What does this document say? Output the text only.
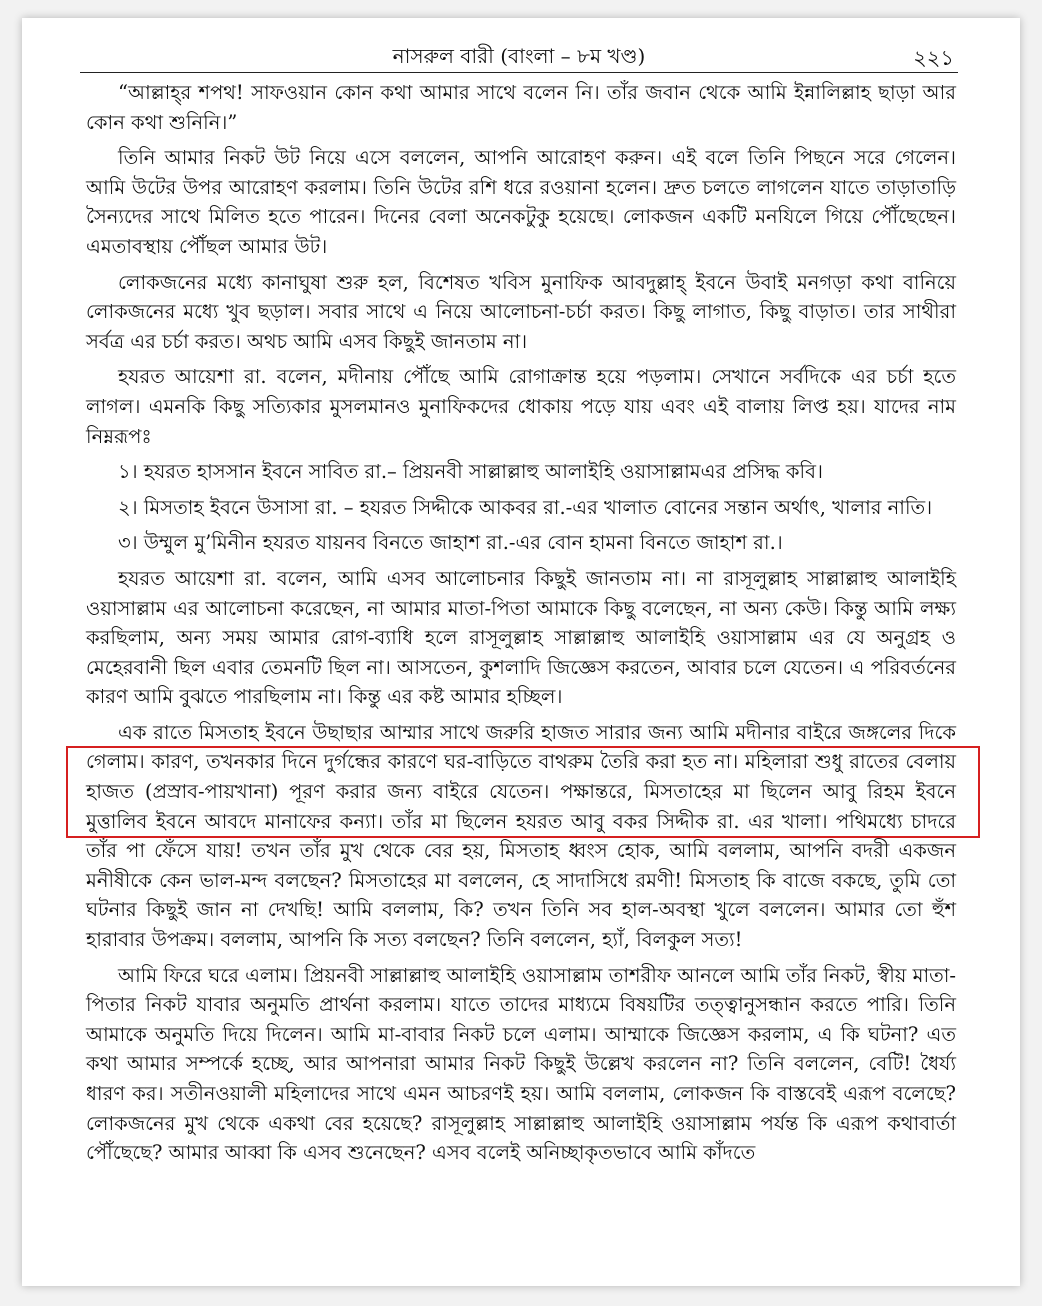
নাসরুল বারী (বাংলা – ৮ম খণ্ড)	২২১

“আল্লাহ্‌র শপথ! সাফওয়ান কোন কথা আমার সাথে বলেন নি। তাঁর জবান থেকে আমি ইন্নালিল্লাহ ছাড়া আর কোন কথা শুনিনি।”

তিনি আমার নিকট উট নিয়ে এসে বললেন, আপনি আরোহণ করুন। এই বলে তিনি পিছনে সরে গেলেন। আমি উটের উপর আরোহণ করলাম। তিনি উটের রশি ধরে রওয়ানা হলেন। দ্রুত চলতে লাগলেন যাতে তাড়াতাড়ি সৈন্যদের সাথে মিলিত হতে পারেন। দিনের বেলা অনেকটুকু হয়েছে। লোকজন একটি মনযিলে গিয়ে পৌঁছেছেন। এমতাবস্থায় পৌঁছল আমার উট।

লোকজনের মধ্যে কানাঘুষা শুরু হল, বিশেষত খবিস মুনাফিক আবদুল্লাহ্ ইবনে উবাই মনগড়া কথা বানিয়ে লোকজনের মধ্যে খুব ছড়াল। সবার সাথে এ নিয়ে আলোচনা-চর্চা করত। কিছু লাগাত, কিছু বাড়াত। তার সাথীরা সর্বত্র এর চর্চা করত। অথচ আমি এসব কিছুই জানতাম না।

হযরত আয়েশা রা. বলেন, মদীনায় পৌঁছে আমি রোগাক্রান্ত হয়ে পড়লাম। সেখানে সর্বদিকে এর চর্চা হতে লাগল। এমনকি কিছু সত্যিকার মুসলমানও মুনাফিকদের ধোকায় পড়ে যায় এবং এই বালায় লিপ্ত হয়। যাদের নাম নিম্নরূপঃ

১। হযরত হাসসান ইবনে সাবিত রা.– প্রিয়নবী সাল্লাল্লাহু আলাইহি ওয়াসাল্লামএর প্রসিদ্ধ কবি।

২। মিসতাহ ইবনে উসাসা রা. – হযরত সিদ্দীকে আকবর রা.-এর খালাত বোনের সন্তান অর্থাৎ, খালার নাতি।

৩। উম্মুল মু’মিনীন হযরত যায়নব বিনতে জাহাশ রা.-এর বোন হামনা বিনতে জাহাশ রা.।

হযরত আয়েশা রা. বলেন, আমি এসব আলোচনার কিছুই জানতাম না। না রাসূলুল্লাহ সাল্লাল্লাহু আলাইহি ওয়াসাল্লাম এর আলোচনা করেছেন, না আমার মাতা-পিতা আমাকে কিছু বলেছেন, না অন্য কেউ। কিন্তু আমি লক্ষ্য করছিলাম, অন্য সময় আমার রোগ-ব্যাধি হলে রাসূলুল্লাহ সাল্লাল্লাহু আলাইহি ওয়াসাল্লাম এর যে অনুগ্রহ ও মেহেরবানী ছিল এবার তেমনটি ছিল না। আসতেন, কুশলাদি জিজ্ঞেস করতেন, আবার চলে যেতেন। এ পরিবর্তনের কারণ আমি বুঝতে পারছিলাম না। কিন্তু এর কষ্ট আমার হচ্ছিল।

এক রাতে মিসতাহ ইবনে উছাছার আম্মার সাথে জরুরি হাজত সারার জন্য আমি মদীনার বাইরে জঙ্গলের দিকে গেলাম। কারণ, তখনকার দিনে দুর্গন্ধের কারণে ঘর-বাড়িতে বাথরুম তৈরি করা হত না। মহিলারা শুধু রাতের বেলায় হাজত (প্রস্রাব-পায়খানা) পূরণ করার জন্য বাইরে যেতেন। পক্ষান্তরে, মিসতাহের মা ছিলেন আবু রিহম ইবনে মুত্তালিব ইবনে আবদে মানাফের কন্যা। তাঁর মা ছিলেন হযরত আবু বকর সিদ্দীক রা. এর খালা। পথিমধ্যে চাদরে তাঁর পা ফেঁসে যায়! তখন তাঁর মুখ থেকে বের হয়, মিসতাহ ধ্বংস হোক, আমি বললাম, আপনি বদরী একজন মনীষীকে কেন ভাল-মন্দ বলছেন? মিসতাহের মা বললেন, হে সাদাসিধে রমণী! মিসতাহ কি বাজে বকছে, তুমি তো ঘটনার কিছুই জান না দেখছি! আমি বললাম, কি? তখন তিনি সব হাল-অবস্থা খুলে বললেন। আমার তো হুঁশ হারাবার উপক্রম। বললাম, আপনি কি সত্য বলছেন? তিনি বললেন, হ্যাঁ, বিলকুল সত্য!

আমি ফিরে ঘরে এলাম। প্রিয়নবী সাল্লাল্লাহু আলাইহি ওয়াসাল্লাম তাশরীফ আনলে আমি তাঁর নিকট, স্বীয় মাতা-পিতার নিকট যাবার অনুমতি প্রার্থনা করলাম। যাতে তাদের মাধ্যমে বিষয়টির তত্ত্বানুসন্ধান করতে পারি। তিনি আমাকে অনুমতি দিয়ে দিলেন। আমি মা-বাবার নিকট চলে এলাম। আম্মাকে জিজ্ঞেস করলাম, এ কি ঘটনা? এত কথা আমার সম্পর্কে হচ্ছে, আর আপনারা আমার নিকট কিছুই উল্লেখ করলেন না? তিনি বললেন, বেটি! ধৈর্য্য ধারণ কর। সতীনওয়ালী মহিলাদের সাথে এমন আচরণই হয়। আমি বললাম, লোকজন কি বাস্তবেই এরূপ বলেছে? লোকজনের মুখ থেকে একথা বের হয়েছে? রাসূলুল্লাহ সাল্লাল্লাহু আলাইহি ওয়াসাল্লাম পর্যন্ত কি এরূপ কথাবার্তা পৌঁছেছে? আমার আব্বা কি এসব শুনেছেন? এসব বলেই অনিচ্ছাকৃতভাবে আমি কাঁদতে
